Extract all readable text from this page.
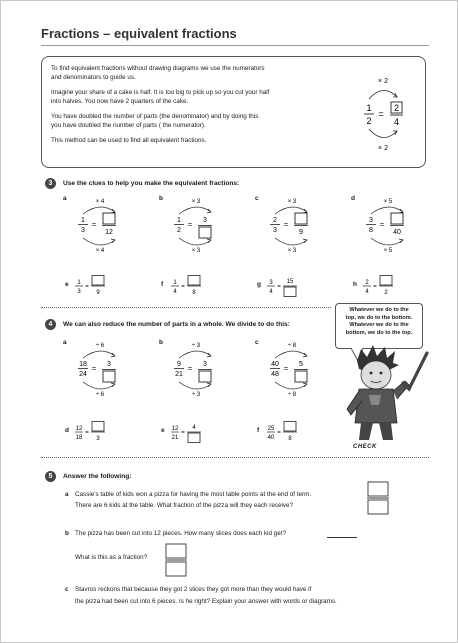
Fractions – equivalent fractions
To find equivalent fractions without drawing diagrams we use the numerators
and denominators to guide us.
Imagine your share of a cake is half. It is too big to pick up so you cut your half
into halves. You now have 2 quarters of the cake.
You have doubled the number of parts (the denominator) and by doing this
you have doubled the number of parts ( the numerator).
This method can be used to find all equivalent fractions.
× 2
1
2
=
2
4
× 2
3	Use the clues to help you make the equivalent fractions:
a	× 4
1
3
=
12
× 4
b	× 3
1
2
=
3
× 3
c	× 3
2
3
=
9
× 3
d	× 5
3
8
=
40
× 5
e 1
3
=
9
f 1
4
=
8
g 3
4
=
15	h 2
4
=
2
4	We can also reduce the number of parts in a whole. We divide to do this:
Whatever we do to the
top, we do to the bottom.
Whatever we do to the
bottom, we do to the top.
CHECK
a	÷ 6
18
24
=
3
÷ 6
b	÷ 3
9
21
=
3
÷ 3
c	÷ 8
40
48
=
5
÷ 8
d 12
18
=
3
e 12
21
=
4	f 25
40
=
8
5	Answer the following:
a Cassie's table of kids won a pizza for having the most table points at the end of term.
There are 6 kids at the table. What fraction of the pizza will they each receive?
b The pizza has been cut into 12 pieces. How many slices does each kid get?
What is this as a fraction?
c Stavros reckons that because they got 2 slices they got more than they would have if
the pizza had been cut into 6 pieces. Is he right? Explain your answer with words or diagrams.
